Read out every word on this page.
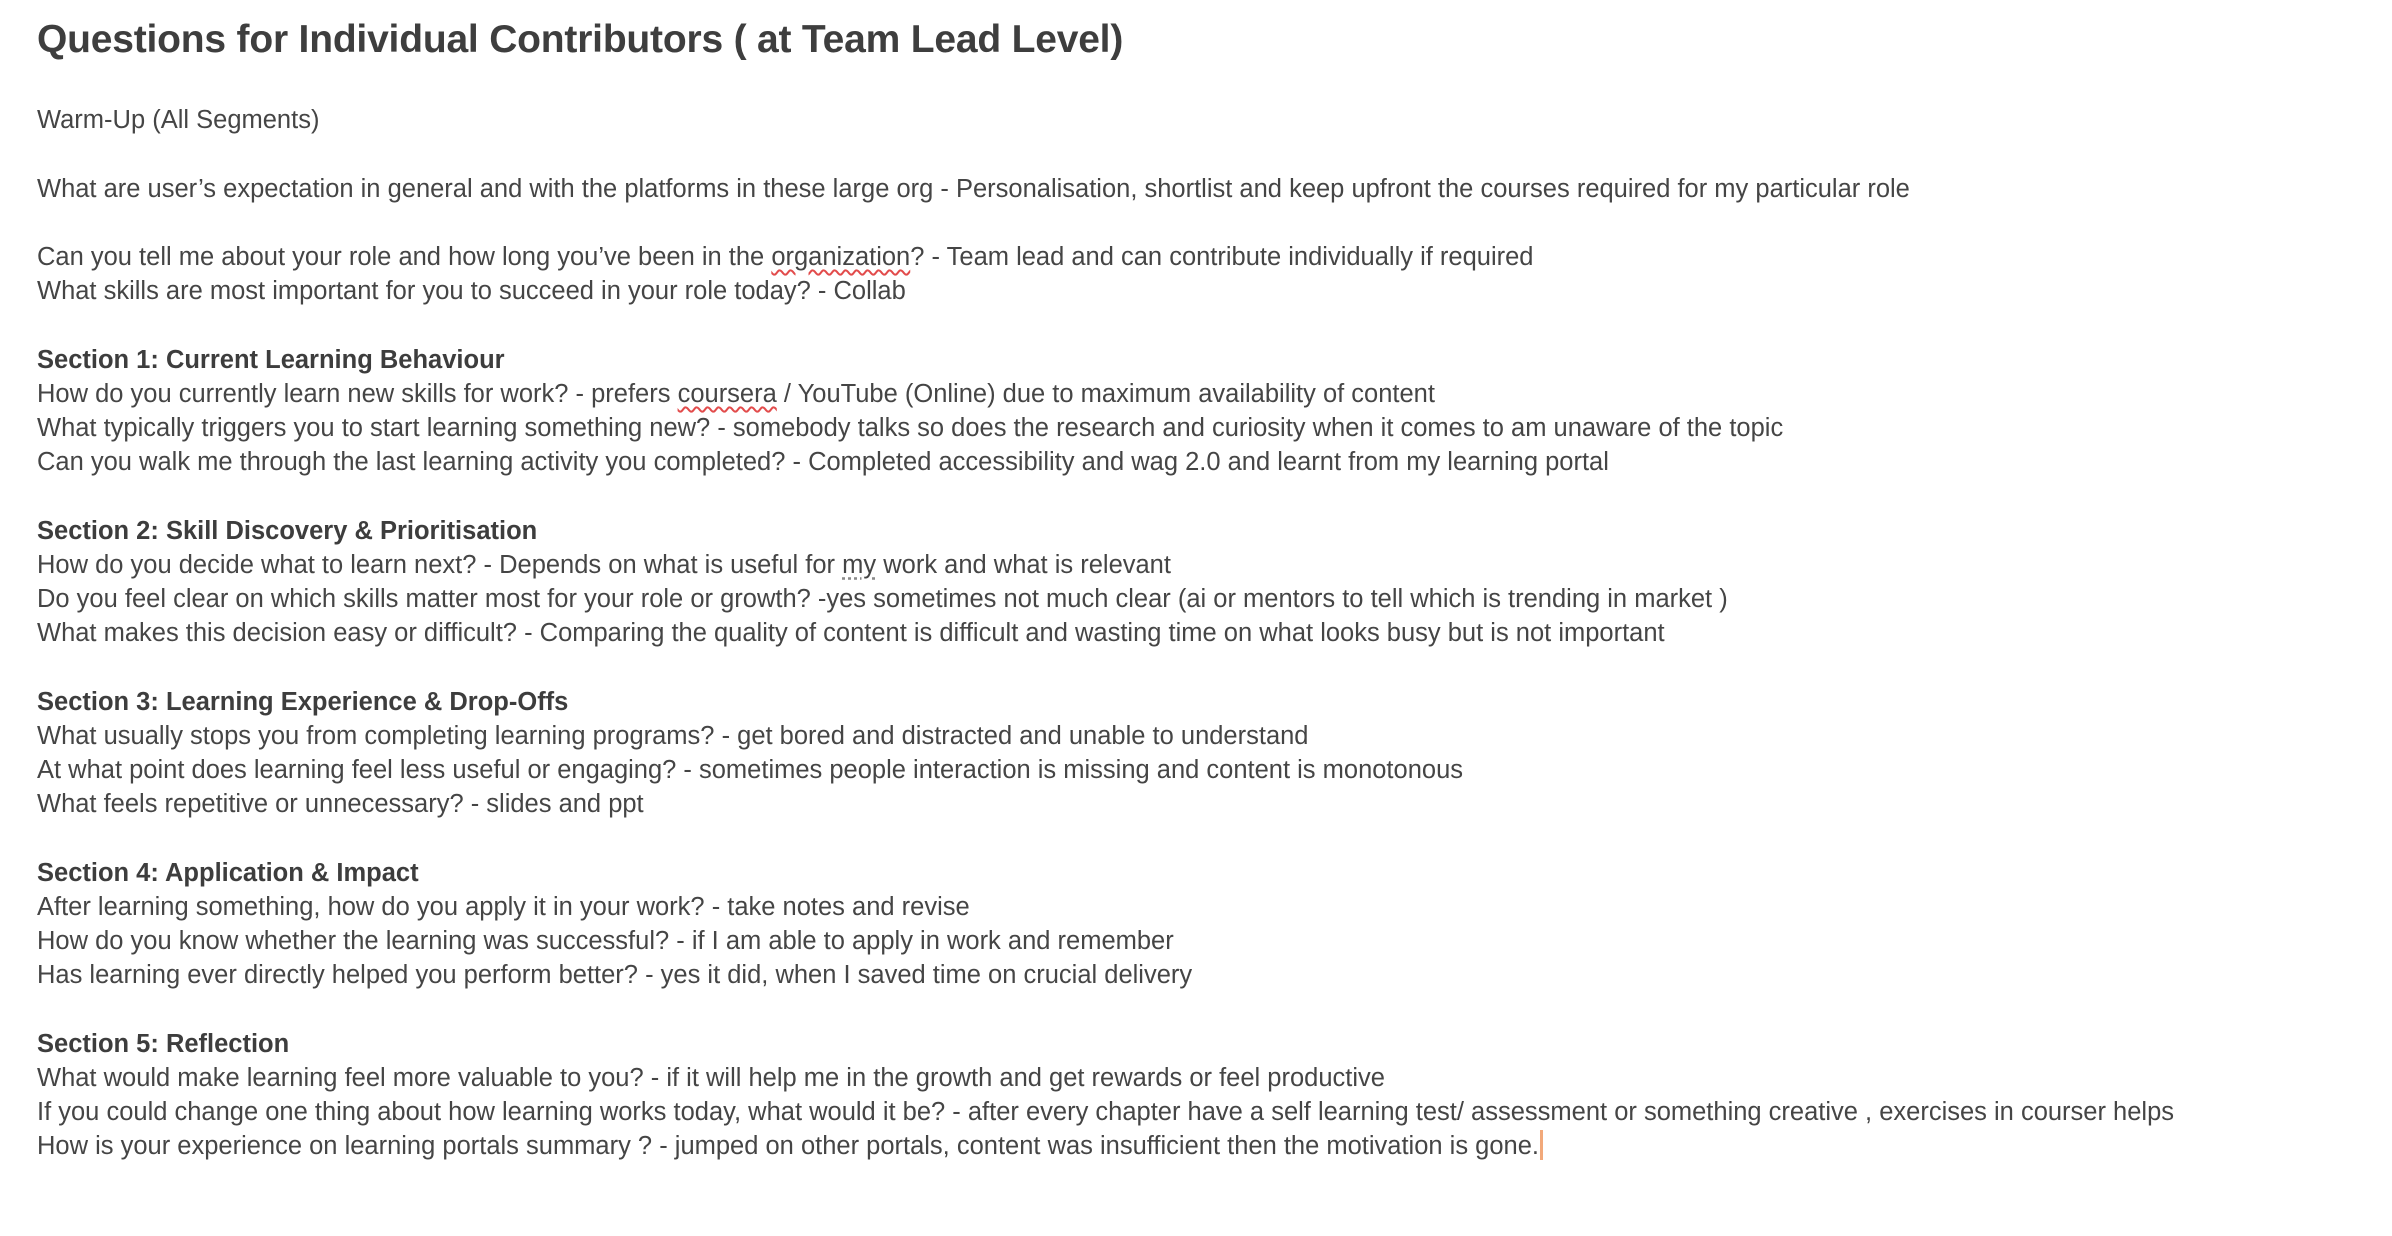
Questions for Individual Contributors ( at Team Lead Level)
Warm-Up (All Segments)
What are user’s expectation in general and with the platforms in these large org - Personalisation, shortlist and keep upfront the courses required for my particular role
Can you tell me about your role and how long you’ve been in the organization? - Team lead and can contribute individually if required
What skills are most important for you to succeed in your role today? - Collab
Section 1: Current Learning Behaviour
How do you currently learn new skills for work? - prefers coursera / YouTube (Online) due to maximum availability of content
What typically triggers you to start learning something new? - somebody talks so does the research and curiosity when it comes to am unaware of the topic
Can you walk me through the last learning activity you completed? - Completed accessibility and wag 2.0 and learnt from my learning portal
Section 2: Skill Discovery & Prioritisation
How do you decide what to learn next? - Depends on what is useful for my work and what is relevant
Do you feel clear on which skills matter most for your role or growth? -yes sometimes not much clear (ai or mentors to tell which is trending in market )
What makes this decision easy or difficult? - Comparing the quality of content is difficult and wasting time on what looks busy but is not important
Section 3: Learning Experience & Drop-Offs
What usually stops you from completing learning programs? - get bored and distracted and unable to understand
At what point does learning feel less useful or engaging? - sometimes people interaction is missing and content is monotonous
What feels repetitive or unnecessary? - slides and ppt
Section 4: Application & Impact
After learning something, how do you apply it in your work? - take notes and revise
How do you know whether the learning was successful? - if I am able to apply in work and remember
Has learning ever directly helped you perform better? - yes it did, when I saved time on crucial delivery
Section 5: Reflection
What would make learning feel more valuable to you? - if it will help me in the growth and get rewards or feel productive
If you could change one thing about how learning works today, what would it be? - after every chapter have a self learning test/ assessment or something creative , exercises in courser helps
How is your experience on learning portals summary ? - jumped on other portals, content was insufficient then the motivation is gone.
